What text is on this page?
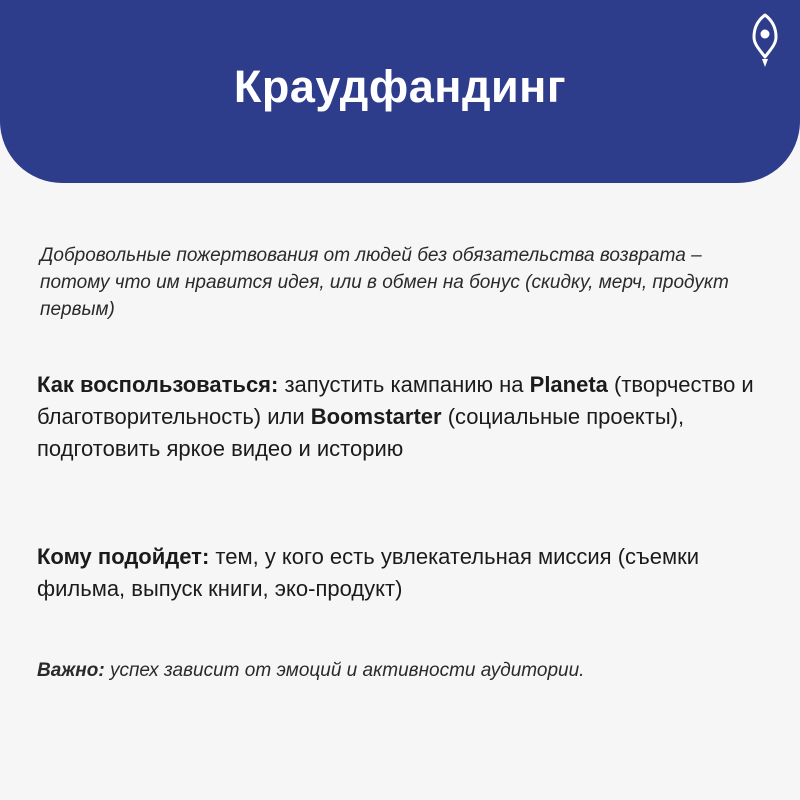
Краудфандинг

Добровольные пожертвования от людей без обязательства возврата – потому что им нравится идея, или в обмен на бонус (скидку, мерч, продукт первым)

Как воспользоваться: запустить кампанию на Planeta (творчество и благотворительность) или Boomstarter (социальные проекты), подготовить яркое видео и историю

Кому подойдет: тем, у кого есть увлекательная миссия (съемки фильма, выпуск книги, эко-продукт)

Важно: успех зависит от эмоций и активности аудитории.
